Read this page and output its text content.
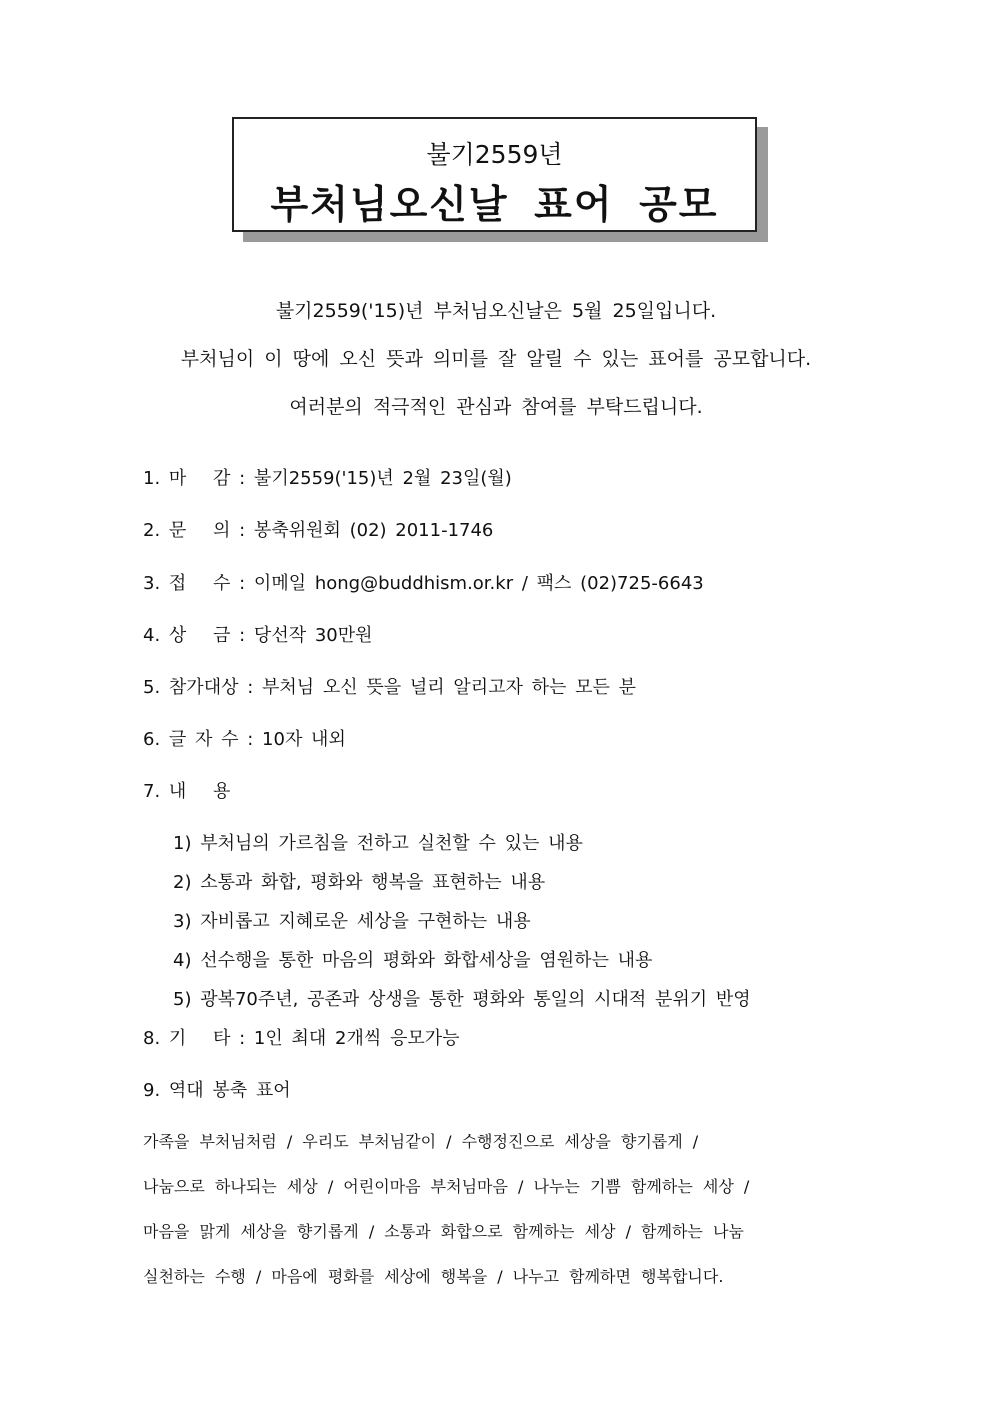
불기2559년
부처님오신날 표어 공모
불기2559('15)년 부처님오신날은 5월 25일입니다.
부처님이 이 땅에 오신 뜻과 의미를 잘 알릴 수 있는 표어를 공모합니다.
여러분의 적극적인 관심과 참여를 부탁드립니다.
1. 마　 감 : 불기2559('15)년 2월 23일(월)
2. 문　 의 : 봉축위원회 (02) 2011-1746
3. 접　 수 : 이메일 hong@buddhism.or.kr / 팩스 (02)725-6643
4. 상　 금 : 당선작 30만원
5. 참가대상 : 부처님 오신 뜻을 널리 알리고자 하는 모든 분
6. 글 자 수 : 10자 내외
7. 내　 용
1) 부처님의 가르침을 전하고 실천할 수 있는 내용
2) 소통과 화합, 평화와 행복을 표현하는 내용
3) 자비롭고 지혜로운 세상을 구현하는 내용
4) 선수행을 통한 마음의 평화와 화합세상을 염원하는 내용
5) 광복70주년, 공존과 상생을 통한 평화와 통일의 시대적 분위기 반영
8. 기　 타 : 1인 최대 2개씩 응모가능
9. 역대 봉축 표어
가족을 부처님처럼 / 우리도 부처님같이 / 수행정진으로 세상을 향기롭게 /
나눔으로 하나되는 세상 / 어린이마음 부처님마음 / 나누는 기쁨 함께하는 세상 /
마음을 맑게 세상을 향기롭게 / 소통과 화합으로 함께하는 세상 / 함께하는 나눔
실천하는 수행 / 마음에 평화를 세상에 행복을 / 나누고 함께하면 행복합니다.
